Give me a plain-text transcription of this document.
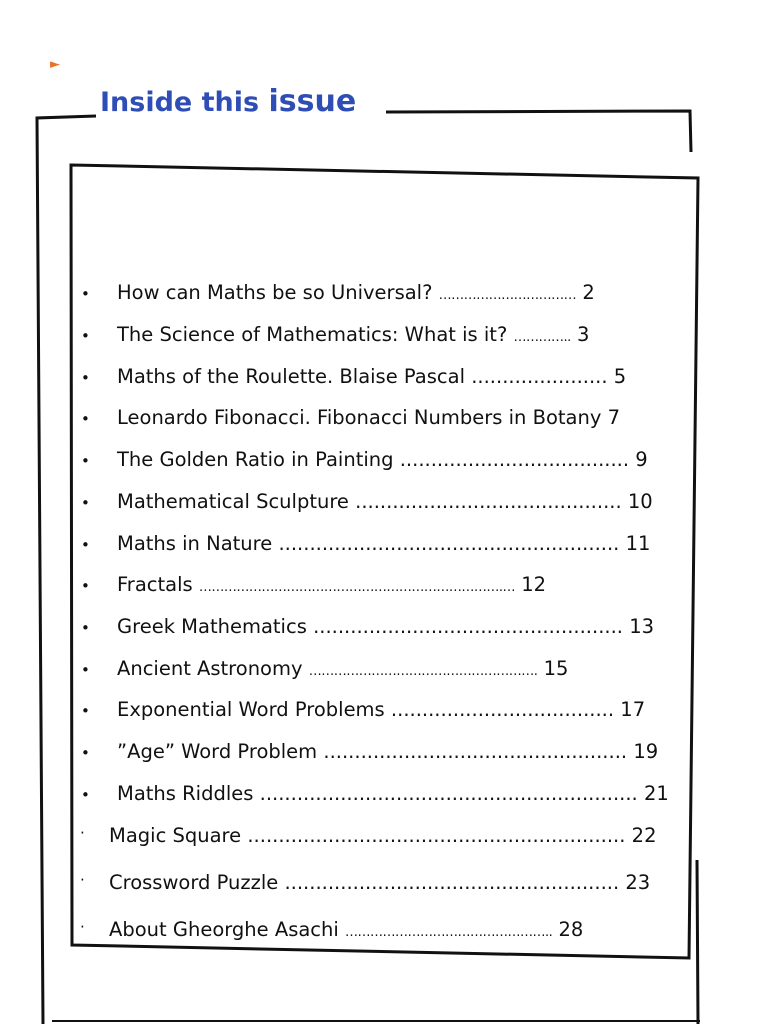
►
Inside this issue
• How can Maths be so Universal? …………………………… 2
• The Science of Mathematics: What is it? ………….. 3
• Maths of the Roulette. Blaise Pascal ...................... 5
• Leonardo Fibonacci. Fibonacci Numbers in Botany 7
• The Golden Ratio in Painting ..................................... 9
• Mathematical Sculpture ........................................... 10
• Maths in Nature ....................................................... 11
• Fractals ……………………………………………………………….… 12
• Greek Mathematics .................................................. 13
• Ancient Astronomy ………………………………………………. 15
• Exponential Word Problems .................................... 17
• ”Age” Word Problem ................................................. 19
• Maths Riddles ............................................................. 21
· Magic Square ............................................................. 22
· Crossword Puzzle ...................................................... 23
· About Gheorghe Asachi ………………………………………….. 28
